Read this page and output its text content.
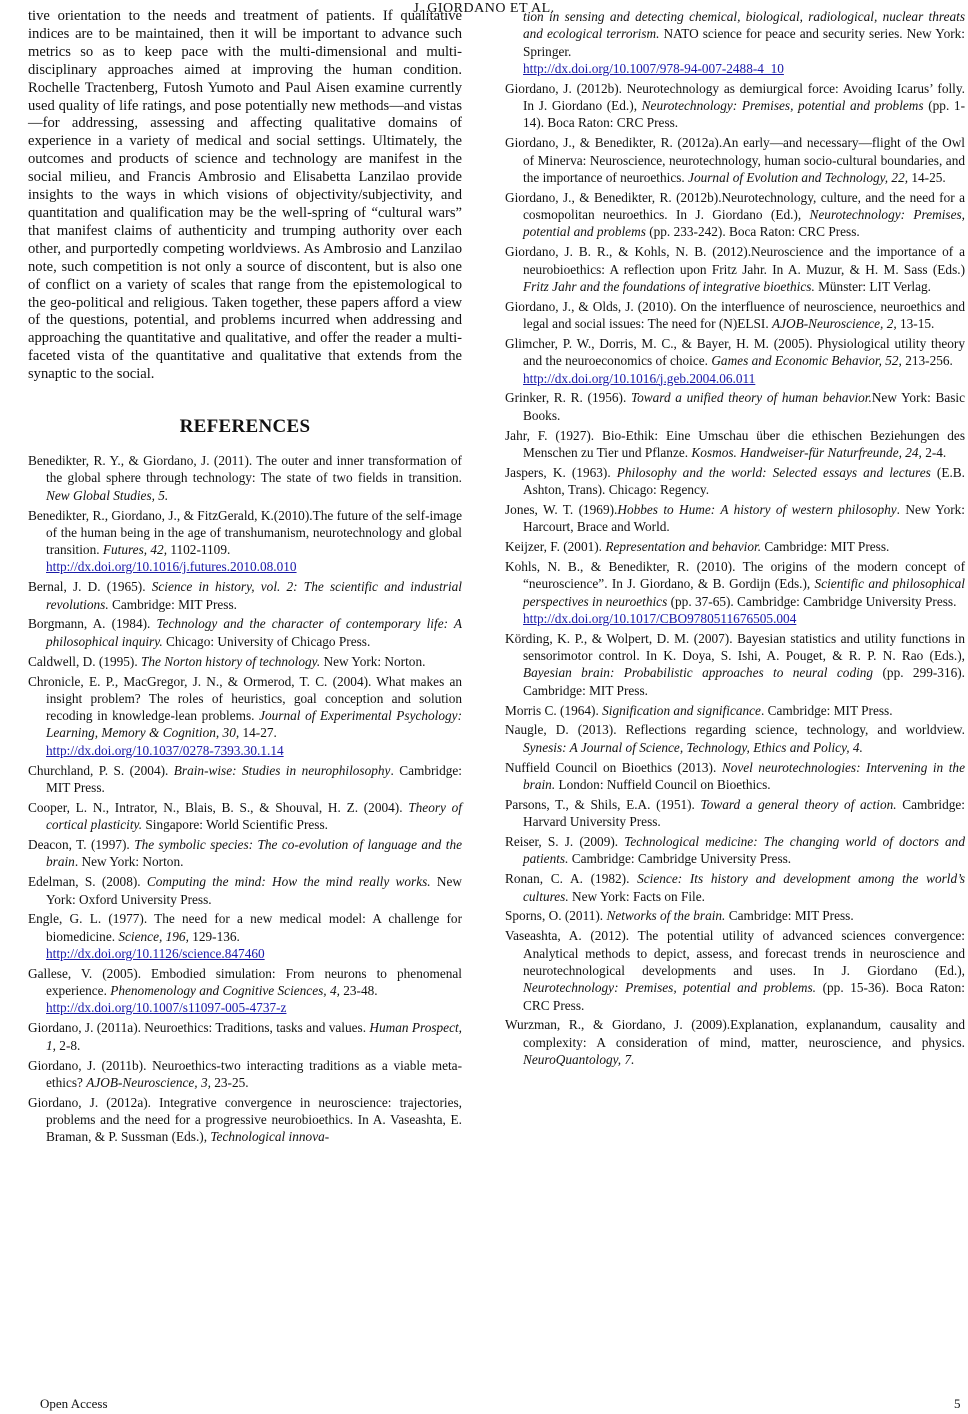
J. GIORDANO ET AL.

tive orientation to the needs and treatment of patients. If qualitative indices are to be maintained, then it will be important to advance such metrics so as to keep pace with the multi-dimensional and multi-disciplinary approaches aimed at improving the human condition. Rochelle Tractenberg, Futosh Yumoto and Paul Aisen examine currently used quality of life ratings, and pose potentially new methods—and vistas—for addressing, assessing and affecting qualitative domains of experience in a variety of medical and social settings. Ultimately, the outcomes and products of science and technology are manifest in the social milieu, and Francis Ambrosio and Elisabetta Lanzilao provide insights to the ways in which visions of objectivity/subjectivity, and quantitation and qualification may be the well-spring of “cultural wars” that manifest claims of authenticity and trumping authority over each other, and purportedly competing worldviews. As Ambrosio and Lanzilao note, such competition is not only a source of discontent, but is also one of conflict on a variety of scales that range from the epistemological to the geo-political and religious. Taken together, these papers afford a view of the questions, potential, and problems incurred when addressing and approaching the quantitative and qualitative, and offer the reader a multi-faceted vista of the quantitative and qualitative that extends from the synaptic to the social.

REFERENCES

Benedikter, R. Y., & Giordano, J. (2011). The outer and inner transformation of the global sphere through technology: The state of two fields in transition. New Global Studies, 5.

Benedikter, R., Giordano, J., & FitzGerald, K.(2010).The future of the self-image of the human being in the age of transhumanism, neurotechnology and global transition. Futures, 42, 1102-1109.
http://dx.doi.org/10.1016/j.futures.2010.08.010

Bernal, J. D. (1965). Science in history, vol. 2: The scientific and industrial revolutions. Cambridge: MIT Press.

Borgmann, A. (1984). Technology and the character of contemporary life: A philosophical inquiry. Chicago: University of Chicago Press.

Caldwell, D. (1995). The Norton history of technology. New York: Norton.

Chronicle, E. P., MacGregor, J. N., & Ormerod, T. C. (2004). What makes an insight problem? The roles of heuristics, goal conception and solution recoding in knowledge-lean problems. Journal of Experimental Psychology: Learning, Memory & Cognition, 30, 14-27.
http://dx.doi.org/10.1037/0278-7393.30.1.14

Churchland, P. S. (2004). Brain-wise: Studies in neurophilosophy. Cambridge: MIT Press.

Cooper, L. N., Intrator, N., Blais, B. S., & Shouval, H. Z. (2004). Theory of cortical plasticity. Singapore: World Scientific Press.

Deacon, T. (1997). The symbolic species: The co-evolution of language and the brain. New York: Norton.

Edelman, S. (2008). Computing the mind: How the mind really works. New York: Oxford University Press.

Engle, G. L. (1977). The need for a new medical model: A challenge for biomedicine. Science, 196, 129-136.
http://dx.doi.org/10.1126/science.847460

Gallese, V. (2005). Embodied simulation: From neurons to phenomenal experience. Phenomenology and Cognitive Sciences, 4, 23-48.
http://dx.doi.org/10.1007/s11097-005-4737-z

Giordano, J. (2011a). Neuroethics: Traditions, tasks and values. Human Prospect, 1, 2-8.

Giordano, J. (2011b). Neuroethics-two interacting traditions as a viable meta-ethics? AJOB-Neuroscience, 3, 23-25.

Giordano, J. (2012a). Integrative convergence in neuroscience: trajectories, problems and the need for a progressive neurobioethics. In A. Vaseashta, E. Braman, & P. Sussman (Eds.), Technological innova-

tion in sensing and detecting chemical, biological, radiological, nuclear threats and ecological terrorism. NATO science for peace and security series. New York: Springer.
http://dx.doi.org/10.1007/978-94-007-2488-4_10

Giordano, J. (2012b). Neurotechnology as demiurgical force: Avoiding Icarus’ folly. In J. Giordano (Ed.), Neurotechnology: Premises, potential and problems (pp. 1-14). Boca Raton: CRC Press.

Giordano, J., & Benedikter, R. (2012a).An early—and necessary—flight of the Owl of Minerva: Neuroscience, neurotechnology, human socio-cultural boundaries, and the importance of neuroethics. Journal of Evolution and Technology, 22, 14-25.

Giordano, J., & Benedikter, R. (2012b).Neurotechnology, culture, and the need for a cosmopolitan neuroethics. In J. Giordano (Ed.), Neurotechnology: Premises, potential and problems (pp. 233-242). Boca Raton: CRC Press.

Giordano, J. B. R., & Kohls, N. B. (2012).Neuroscience and the importance of a neurobioethics: A reflection upon Fritz Jahr. In A. Muzur, & H. M. Sass (Eds.) Fritz Jahr and the foundations of integrative bioethics. Münster: LIT Verlag.

Giordano, J., & Olds, J. (2010). On the interfluence of neuroscience, neuroethics and legal and social issues: The need for (N)ELSI. AJOB-Neuroscience, 2, 13-15.

Glimcher, P. W., Dorris, M. C., & Bayer, H. M. (2005). Physiological utility theory and the neuroeconomics of choice. Games and Economic Behavior, 52, 213-256.
http://dx.doi.org/10.1016/j.geb.2004.06.011

Grinker, R. R. (1956). Toward a unified theory of human behavior.New York: Basic Books.

Jahr, F. (1927). Bio-Ethik: Eine Umschau über die ethischen Beziehungen des Menschen zu Tier und Pflanze. Kosmos. Handweiser-für Naturfreunde, 24, 2-4.

Jaspers, K. (1963). Philosophy and the world: Selected essays and lectures (E.B. Ashton, Trans). Chicago: Regency.

Jones, W. T. (1969).Hobbes to Hume: A history of western philosophy. New York: Harcourt, Brace and World.

Keijzer, F. (2001). Representation and behavior. Cambridge: MIT Press.

Kohls, N. B., & Benedikter, R. (2010). The origins of the modern concept of “neuroscience”. In J. Giordano, & B. Gordijn (Eds.), Scientific and philosophical perspectives in neuroethics (pp. 37-65). Cambridge: Cambridge University Press.
http://dx.doi.org/10.1017/CBO9780511676505.004

Körding, K. P., & Wolpert, D. M. (2007). Bayesian statistics and utility functions in sensorimotor control. In K. Doya, S. Ishi, A. Pouget, & R. P. N. Rao (Eds.), Bayesian brain: Probabilistic approaches to neural coding (pp. 299-316). Cambridge: MIT Press.

Morris C. (1964). Signification and significance. Cambridge: MIT Press.

Naugle, D. (2013). Reflections regarding science, technology, and worldview. Synesis: A Journal of Science, Technology, Ethics and Policy, 4.

Nuffield Council on Bioethics (2013). Novel neurotechnologies: Intervening in the brain. London: Nuffield Council on Bioethics.

Parsons, T., & Shils, E.A. (1951). Toward a general theory of action. Cambridge: Harvard University Press.

Reiser, S. J. (2009). Technological medicine: The changing world of doctors and patients. Cambridge: Cambridge University Press.

Ronan, C. A. (1982). Science: Its history and development among the world’s cultures. New York: Facts on File.

Sporns, O. (2011). Networks of the brain. Cambridge: MIT Press.

Vaseashta, A. (2012). The potential utility of advanced sciences convergence: Analytical methods to depict, assess, and forecast trends in neuroscience and neurotechnological developments and uses. In J. Giordano (Ed.), Neurotechnology: Premises, potential and problems. (pp. 15-36). Boca Raton: CRC Press.

Wurzman, R., & Giordano, J. (2009).Explanation, explanandum, causality and complexity: A consideration of mind, matter, neuroscience, and physics. NeuroQuantology, 7.

Open Access	5
